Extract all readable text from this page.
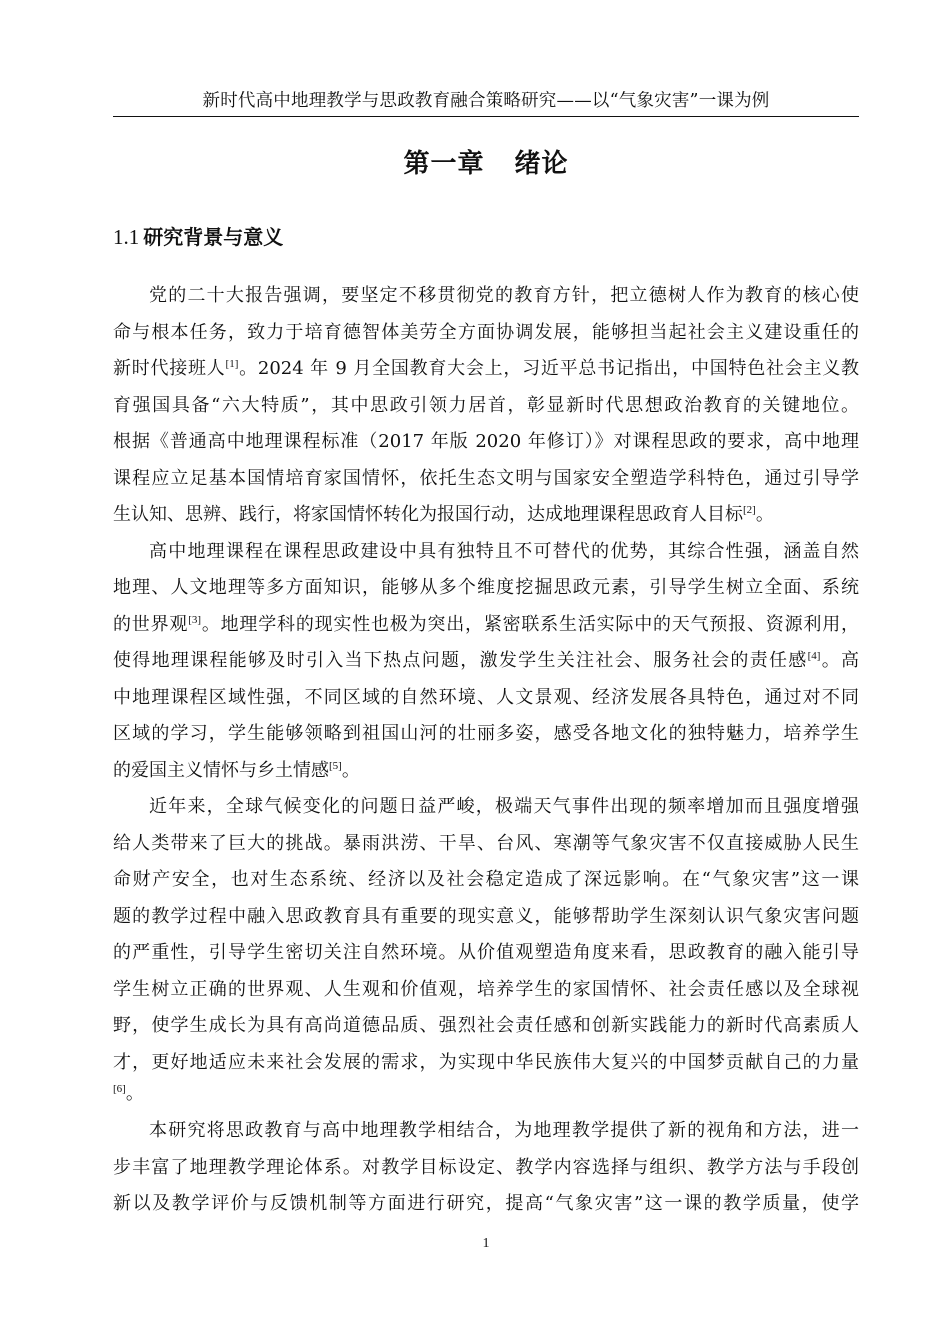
新时代高中地理教学与思政教育融合策略研究——以“气象灾害”一课为例
第一章 绪论
1.1 研究背景与意义

党的二十大报告强调，要坚定不移贯彻党的教育方针，把立德树人作为教育的核心使
命与根本任务，致力于培育德智体美劳全方面协调发展，能够担当起社会主义建设重任的
新时代接班人[1]。2024 年 9 月全国教育大会上，习近平总书记指出，中国特色社会主义教
育强国具备“六大特质”，其中思政引领力居首，彰显新时代思想政治教育的关键地位。
根据《普通高中地理课程标准（2017 年版 2020 年修订）》对课程思政的要求，高中地理
课程应立足基本国情培育家国情怀，依托生态文明与国家安全塑造学科特色，通过引导学
生认知、思辨、践行，将家国情怀转化为报国行动，达成地理课程思政育人目标[2]。

高中地理课程在课程思政建设中具有独特且不可替代的优势，其综合性强，涵盖自然
地理、人文地理等多方面知识，能够从多个维度挖掘思政元素，引导学生树立全面、系统
的世界观[3]。地理学科的现实性也极为突出，紧密联系生活实际中的天气预报、资源利用，
使得地理课程能够及时引入当下热点问题，激发学生关注社会、服务社会的责任感[4]。高
中地理课程区域性强，不同区域的自然环境、人文景观、经济发展各具特色，通过对不同
区域的学习，学生能够领略到祖国山河的壮丽多姿，感受各地文化的独特魅力，培养学生
的爱国主义情怀与乡土情感[5]。

近年来，全球气候变化的问题日益严峻，极端天气事件出现的频率增加而且强度增强
给人类带来了巨大的挑战。暴雨洪涝、干旱、台风、寒潮等气象灾害不仅直接威胁人民生
命财产安全，也对生态系统、经济以及社会稳定造成了深远影响。在“气象灾害”这一课
题的教学过程中融入思政教育具有重要的现实意义，能够帮助学生深刻认识气象灾害问题
的严重性，引导学生密切关注自然环境。从价值观塑造角度来看，思政教育的融入能引导
学生树立正确的世界观、人生观和价值观，培养学生的家国情怀、社会责任感以及全球视
野，使学生成长为具有高尚道德品质、强烈社会责任感和创新实践能力的新时代高素质人
才，更好地适应未来社会发展的需求，为实现中华民族伟大复兴的中国梦贡献自己的力量
[6]。

本研究将思政教育与高中地理教学相结合，为地理教学提供了新的视角和方法，进一
步丰富了地理教学理论体系。对教学目标设定、教学内容选择与组织、教学方法与手段创
新以及教学评价与反馈机制等方面进行研究，提高“气象灾害”这一课的教学质量，使学

1
